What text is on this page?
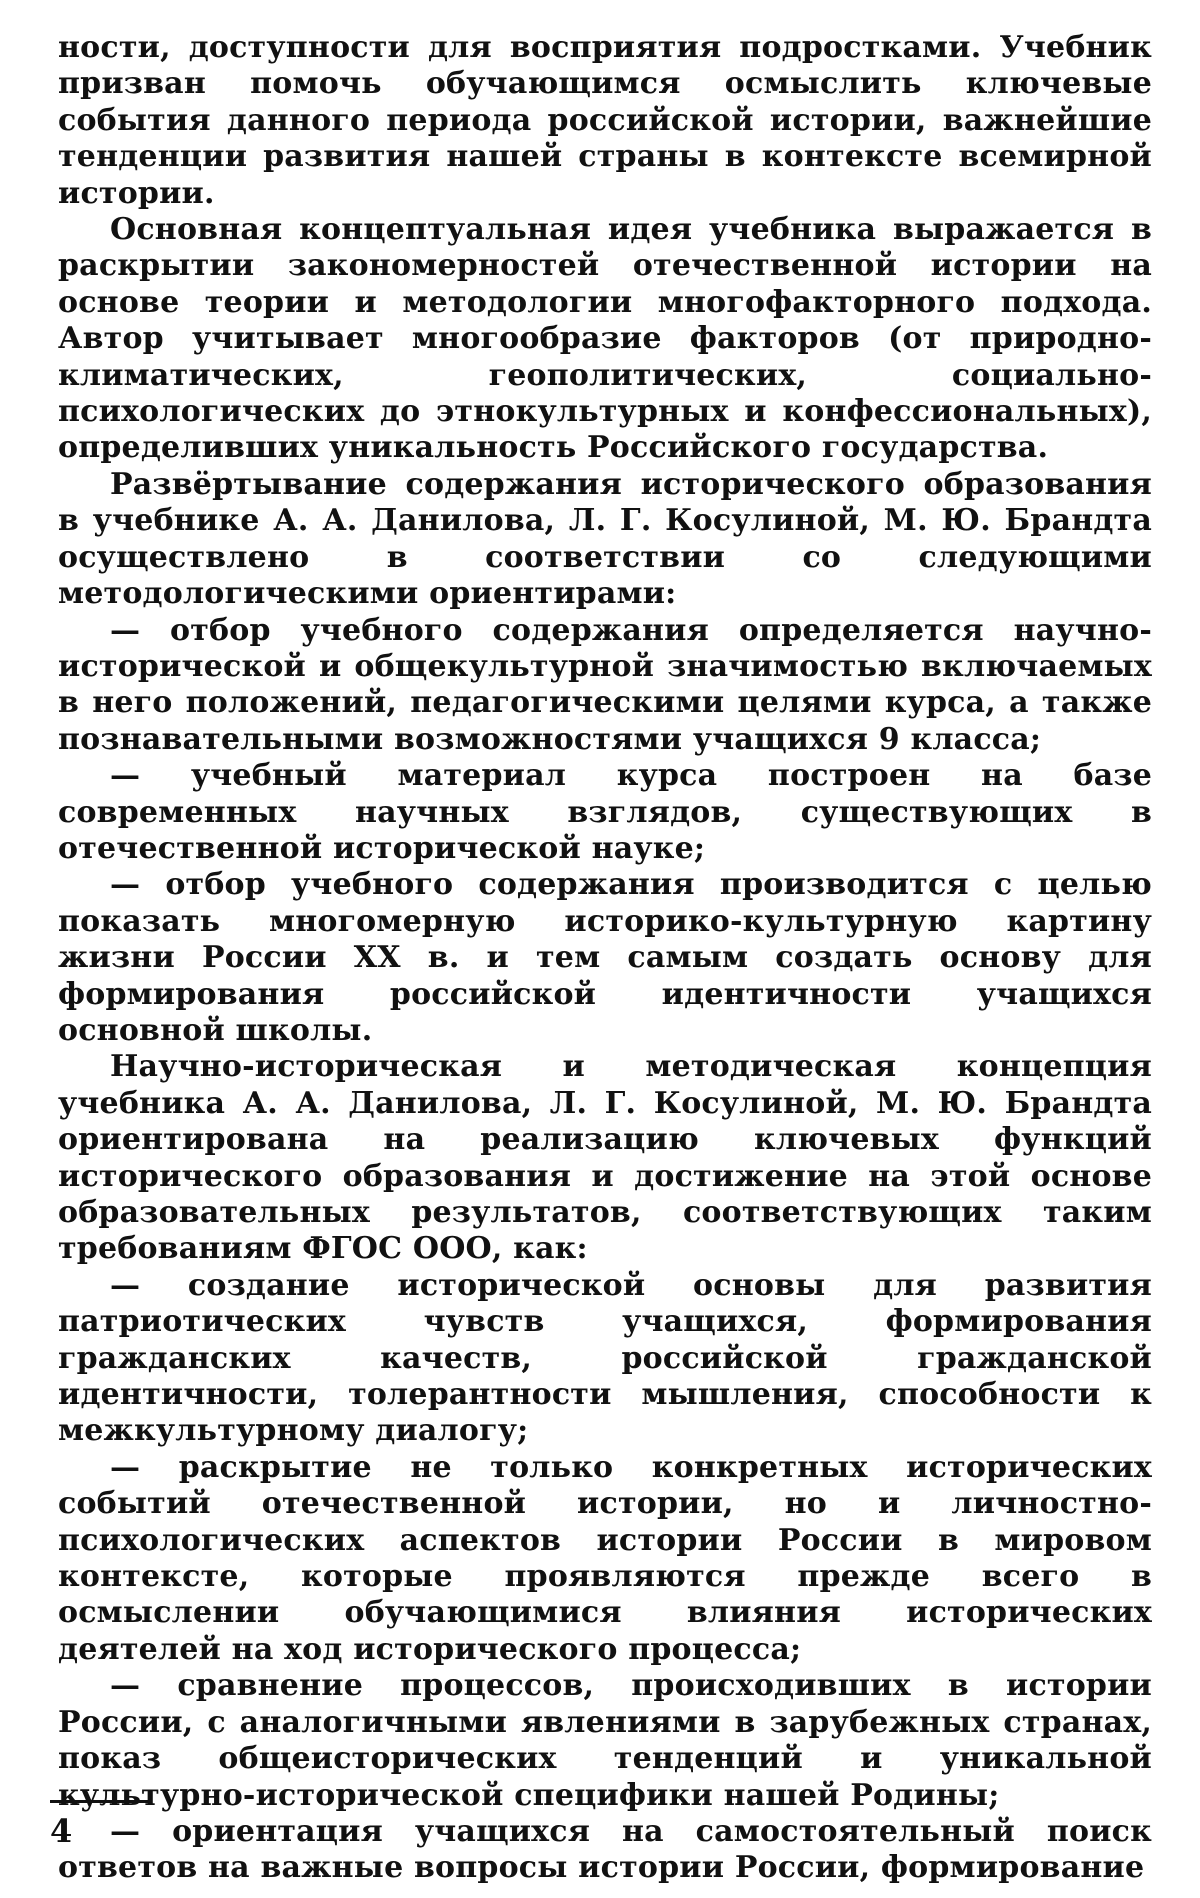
ности, доступности для восприятия подростками. Учебник призван помочь обучающимся осмыслить ключевые события данного периода российской истории, важнейшие тенденции развития нашей страны в контексте всемирной истории.

Основная концептуальная идея учебника выражается в раскрытии закономерностей отечественной истории на основе теории и методологии многофакторного подхода. Автор учитывает многообразие факторов (от природно-климатических, геополитических, социально-психологических до этнокультурных и конфессиональных), определивших уникальность Российского государства.

Развёртывание содержания исторического образования в учебнике А. А. Данилова, Л. Г. Косулиной, М. Ю. Брандта осуществлено в соответствии со следующими методологическими ориентирами:

— отбор учебного содержания определяется научно-исторической и общекультурной значимостью включаемых в него положений, педагогическими целями курса, а также познавательными возможностями учащихся 9 класса;

— учебный материал курса построен на базе современных научных взглядов, существующих в отечественной исторической науке;

— отбор учебного содержания производится с целью показать многомерную историко-культурную картину жизни России XX в. и тем самым создать основу для формирования российской идентичности учащихся основной школы.

Научно-историческая и методическая концепция учебника А. А. Данилова, Л. Г. Косулиной, М. Ю. Брандта ориентирована на реализацию ключевых функций исторического образования и достижение на этой основе образовательных результатов, соответствующих таким требованиям ФГОС ООО, как:

— создание исторической основы для развития патриотических чувств учащихся, формирования гражданских качеств, российской гражданской идентичности, толерантности мышления, способности к межкультурному диалогу;

— раскрытие не только конкретных исторических событий отечественной истории, но и личностно-психологических аспектов истории России в мировом контексте, которые проявляются прежде всего в осмыслении обучающимися влияния исторических деятелей на ход исторического процесса;

— сравнение процессов, происходивших в истории России, с аналогичными явлениями в зарубежных странах, показ общеисторических тенденций и уникальной культурно-исторической специфики нашей Родины;

— ориентация учащихся на самостоятельный поиск ответов на важные вопросы истории России, формирование

4
